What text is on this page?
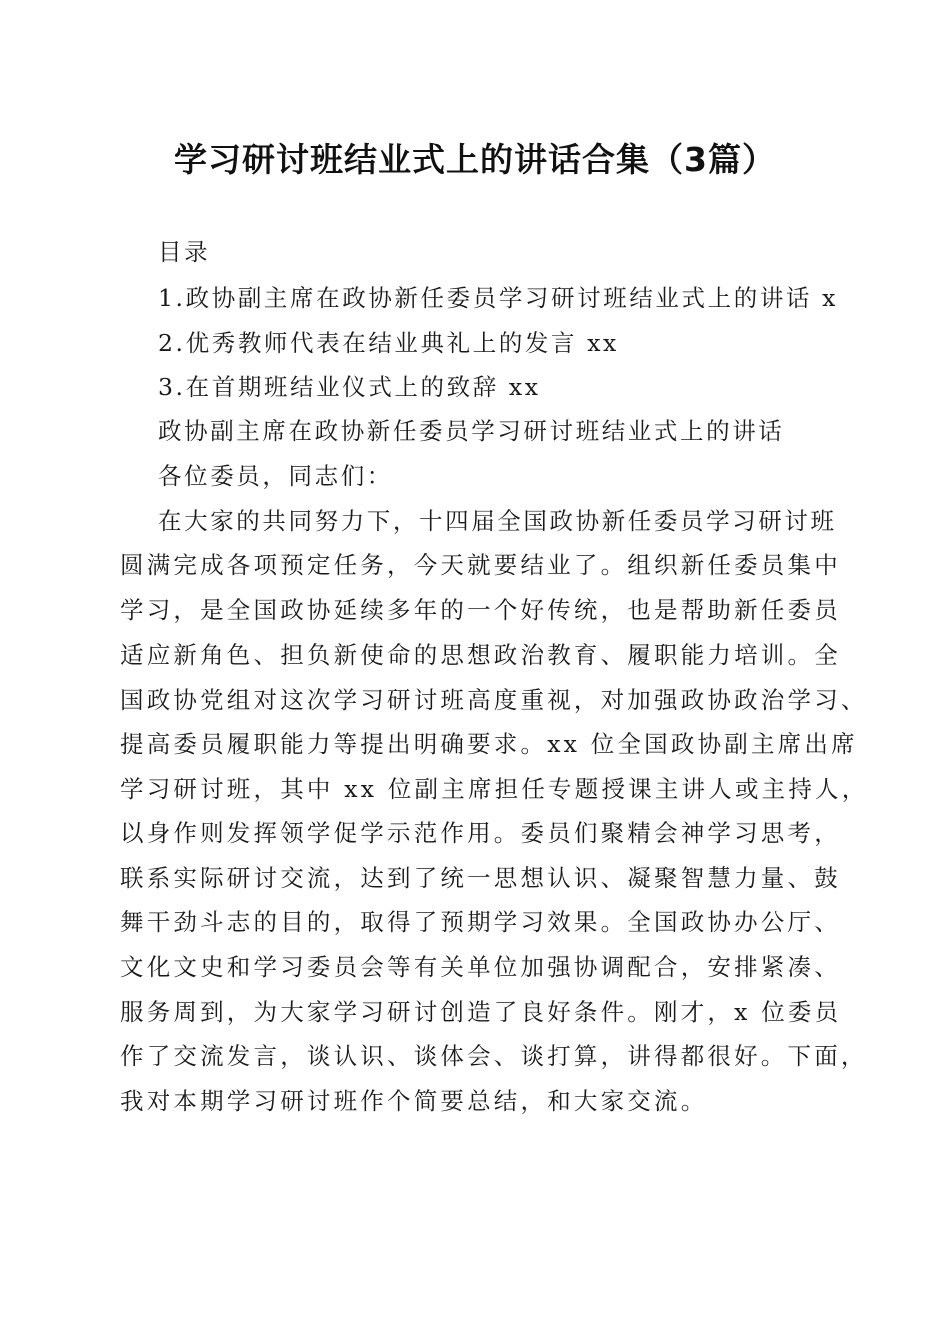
学习研讨班结业式上的讲话合集（3篇）
目录
1.政协副主席在政协新任委员学习研讨班结业式上的讲话 x
2.优秀教师代表在结业典礼上的发言 xx
3.在首期班结业仪式上的致辞 xx
政协副主席在政协新任委员学习研讨班结业式上的讲话
各位委员，同志们：
在大家的共同努力下，十四届全国政协新任委员学习研讨班
圆满完成各项预定任务，今天就要结业了。组织新任委员集中
学习，是全国政协延续多年的一个好传统，也是帮助新任委员
适应新角色、担负新使命的思想政治教育、履职能力培训。全
国政协党组对这次学习研讨班高度重视，对加强政协政治学习、
提高委员履职能力等提出明确要求。xx 位全国政协副主席出席
学习研讨班，其中 xx 位副主席担任专题授课主讲人或主持人，
以身作则发挥领学促学示范作用。委员们聚精会神学习思考，
联系实际研讨交流，达到了统一思想认识、凝聚智慧力量、鼓
舞干劲斗志的目的，取得了预期学习效果。全国政协办公厅、
文化文史和学习委员会等有关单位加强协调配合，安排紧凑、
服务周到，为大家学习研讨创造了良好条件。刚才，x 位委员
作了交流发言，谈认识、谈体会、谈打算，讲得都很好。下面，
我对本期学习研讨班作个简要总结，和大家交流。
